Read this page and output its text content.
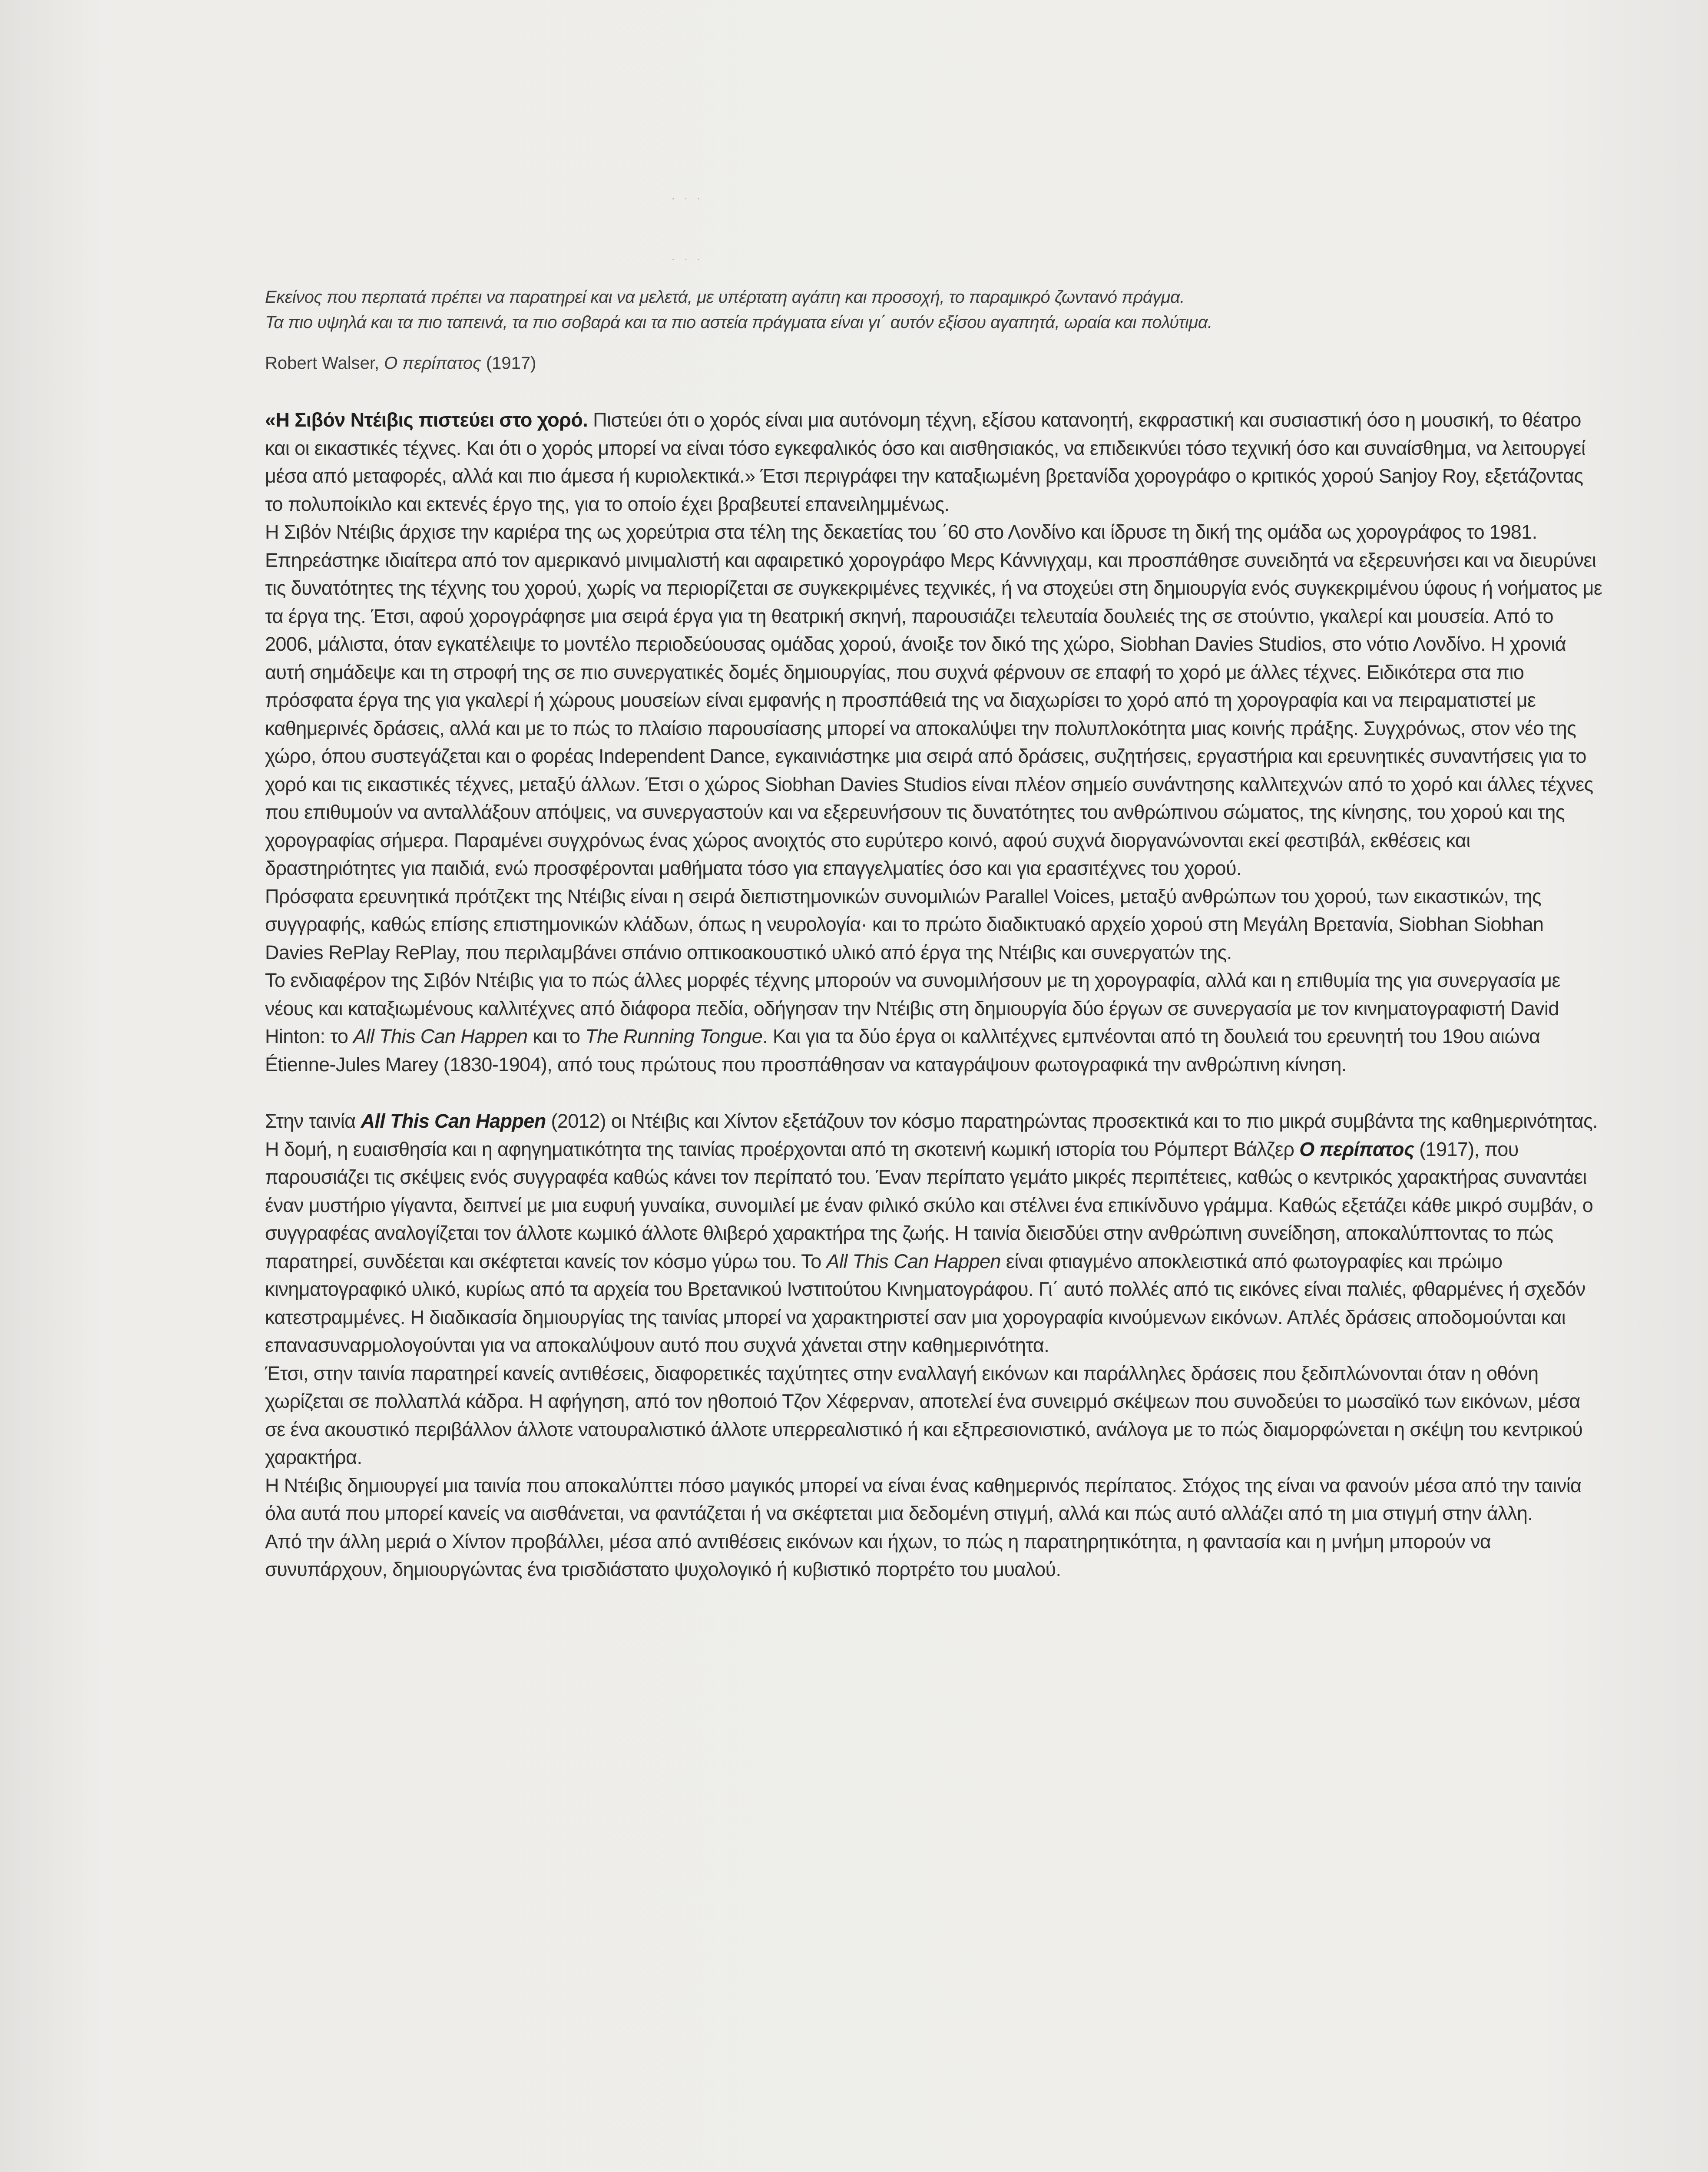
· · ·
· · ·

Εκείνος που περπατά πρέπει να παρατηρεί και να μελετά, με υπέρτατη αγάπη και προσοχή, το παραμικρό ζωντανό πράγμα.

Τα πιο υψηλά και τα πιο ταπεινά, τα πιο σοβαρά και τα πιο αστεία πράγματα είναι γι΄ αυτόν εξίσου αγαπητά, ωραία και πολύτιμα.

Robert Walser, Ο περίπατος (1917)

«Η Σιβόν Ντέιβις πιστεύει στο χορό. Πιστεύει ότι ο χορός είναι μια αυτόνομη τέχνη, εξίσου κατανοητή, εκφραστική και συσιαστική όσο η μουσική, το θέατρο και οι εικαστικές τέχνες. Και ότι ο χορός μπορεί να είναι τόσο εγκεφαλικός όσο και αισθησιακός, να επιδεικνύει τόσο τεχνική όσο και συναίσθημα, να λειτουργεί μέσα από μεταφορές, αλλά και πιο άμεσα ή κυριολεκτικά.» Έτσι περιγράφει την καταξιωμένη βρετανίδα χορογράφο ο κριτικός χορού Sanjoy Roy, εξετάζοντας το πολυποίκιλο και εκτενές έργο της, για το οποίο έχει βραβευτεί επανειλημμένως.

Η Σιβόν Ντέιβις άρχισε την καριέρα της ως χορεύτρια στα τέλη της δεκαετίας του ΄60 στο Λονδίνο και ίδρυσε τη δική της ομάδα ως χορογράφος το 1981. Επηρεάστηκε ιδιαίτερα από τον αμερικανό μινιμαλιστή και αφαιρετικό χορογράφο Μερς Κάννιγχαμ, και προσπάθησε συνειδητά να εξερευνήσει και να διευρύνει τις δυνατότητες της τέχνης του χορού, χωρίς να περιορίζεται σε συγκεκριμένες τεχνικές, ή να στοχεύει στη δημιουργία ενός συγκεκριμένου ύφους ή νοήματος με τα έργα της. Έτσι, αφού χορογράφησε μια σειρά έργα για τη θεατρική σκηνή, παρουσιάζει τελευταία δουλειές της σε στούντιο, γκαλερί και μουσεία. Από το 2006, μάλιστα, όταν εγκατέλειψε το μοντέλο περιοδεύουσας ομάδας χορού, άνοιξε τον δικό της χώρο, Siobhan Davies Studios, στο νότιο Λονδίνο. Η χρονιά αυτή σημάδεψε και τη στροφή της σε πιο συνεργατικές δομές δημιουργίας, που συχνά φέρνουν σε επαφή το χορό με άλλες τέχνες. Ειδικότερα στα πιο πρόσφατα έργα της για γκαλερί ή χώρους μουσείων είναι εμφανής η προσπάθειά της να διαχωρίσει το χορό από τη χορογραφία και να πειραματιστεί με καθημερινές δράσεις, αλλά και με το πώς το πλαίσιο παρουσίασης μπορεί να αποκαλύψει την πολυπλοκότητα μιας κοινής πράξης. Συγχρόνως, στον νέο της χώρο, όπου συστεγάζεται και ο φορέας Independent Dance, εγκαινιάστηκε μια σειρά από δράσεις, συζητήσεις, εργαστήρια και ερευνητικές συναντήσεις για το χορό και τις εικαστικές τέχνες, μεταξύ άλλων. Έτσι ο χώρος Siobhan Davies Studios είναι πλέον σημείο συνάντησης καλλιτεχνών από το χορό και άλλες τέχνες που επιθυμούν να ανταλλάξουν απόψεις, να συνεργαστούν και να εξερευνήσουν τις δυνατότητες του ανθρώπινου σώματος, της κίνησης, του χορού και της χορογραφίας σήμερα. Παραμένει συγχρόνως ένας χώρος ανοιχτός στο ευρύτερο κοινό, αφού συχνά διοργανώνονται εκεί φεστιβάλ, εκθέσεις και δραστηριότητες για παιδιά, ενώ προσφέρονται μαθήματα τόσο για επαγγελματίες όσο και για ερασιτέχνες του χορού.

Πρόσφατα ερευνητικά πρότζεκτ της Ντέιβις είναι η σειρά διεπιστημονικών συνομιλιών Parallel Voices, μεταξύ ανθρώπων του χορού, των εικαστικών, της συγγραφής, καθώς επίσης επιστημονικών κλάδων, όπως η νευρολογία· και το πρώτο διαδικτυακό αρχείο χορού στη Μεγάλη Βρετανία, Siobhan Siobhan Davies RePlay RePlay, που περιλαμβάνει σπάνιο οπτικοακουστικό υλικό από έργα της Ντέιβις και συνεργατών της.

Το ενδιαφέρον της Σιβόν Ντέιβις για το πώς άλλες μορφές τέχνης μπορούν να συνομιλήσουν με τη χορογραφία, αλλά και η επιθυμία της για συνεργασία με νέους και καταξιωμένους καλλιτέχνες από διάφορα πεδία, οδήγησαν την Ντέιβις στη δημιουργία δύο έργων σε συνεργασία με τον κινηματογραφιστή David Hinton: το All This Can Happen και το The Running Tongue. Και για τα δύο έργα οι καλλιτέχνες εμπνέονται από τη δουλειά του ερευνητή του 19ου αιώνα Étienne-Jules Marey (1830-1904), από τους πρώτους που προσπάθησαν να καταγράψουν φωτογραφικά την ανθρώπινη κίνηση.

Στην ταινία All This Can Happen (2012) οι Ντέιβις και Χίντον εξετάζουν τον κόσμο παρατηρώντας προσεκτικά και το πιο μικρά συμβάντα της καθημερινότητας. Η δομή, η ευαισθησία και η αφηγηματικότητα της ταινίας προέρχονται από τη σκοτεινή κωμική ιστορία του Ρόμπερτ Βάλζερ Ο περίπατος (1917), που παρουσιάζει τις σκέψεις ενός συγγραφέα καθώς κάνει τον περίπατό του. Έναν περίπατο γεμάτο μικρές περιπέτειες, καθώς ο κεντρικός χαρακτήρας συναντάει έναν μυστήριο γίγαντα, δειπνεί με μια ευφυή γυναίκα, συνομιλεί με έναν φιλικό σκύλο και στέλνει ένα επικίνδυνο γράμμα. Καθώς εξετάζει κάθε μικρό συμβάν, ο συγγραφέας αναλογίζεται τον άλλοτε κωμικό άλλοτε θλιβερό χαρακτήρα της ζωής. Η ταινία διεισδύει στην ανθρώπινη συνείδηση, αποκαλύπτοντας το πώς παρατηρεί, συνδέεται και σκέφτεται κανείς τον κόσμο γύρω του. Το All This Can Happen είναι φτιαγμένο αποκλειστικά από φωτογραφίες και πρώιμο κινηματογραφικό υλικό, κυρίως από τα αρχεία του Βρετανικού Ινστιτούτου Κινηματογράφου. Γι΄ αυτό πολλές από τις εικόνες είναι παλιές, φθαρμένες ή σχεδόν κατεστραμμένες. Η διαδικασία δημιουργίας της ταινίας μπορεί να χαρακτηριστεί σαν μια χορογραφία κινούμενων εικόνων. Απλές δράσεις αποδομούνται και επανασυναρμολογούνται για να αποκαλύψουν αυτό που συχνά χάνεται στην καθημερινότητα.

Έτσι, στην ταινία παρατηρεί κανείς αντιθέσεις, διαφορετικές ταχύτητες στην εναλλαγή εικόνων και παράλληλες δράσεις που ξεδιπλώνονται όταν η οθόνη χωρίζεται σε πολλαπλά κάδρα. Η αφήγηση, από τον ηθοποιό Τζον Χέφερναν, αποτελεί ένα συνειρμό σκέψεων που συνοδεύει το μωσαϊκό των εικόνων, μέσα σε ένα ακουστικό περιβάλλον άλλοτε νατουραλιστικό άλλοτε υπερρεαλιστικό ή και εξπρεσιονιστικό, ανάλογα με το πώς διαμορφώνεται η σκέψη του κεντρικού χαρακτήρα.

Η Ντέιβις δημιουργεί μια ταινία που αποκαλύπτει πόσο μαγικός μπορεί να είναι ένας καθημερινός περίπατος. Στόχος της είναι να φανούν μέσα από την ταινία όλα αυτά που μπορεί κανείς να αισθάνεται, να φαντάζεται ή να σκέφτεται μια δεδομένη στιγμή, αλλά και πώς αυτό αλλάζει από τη μια στιγμή στην άλλη.

Από την άλλη μεριά ο Χίντον προβάλλει, μέσα από αντιθέσεις εικόνων και ήχων, το πώς η παρατηρητικότητα, η φαντασία και η μνήμη μπορούν να συνυπάρχουν, δημιουργώντας ένα τρισδιάστατο ψυχολογικό ή κυβιστικό πορτρέτο του μυαλού.
